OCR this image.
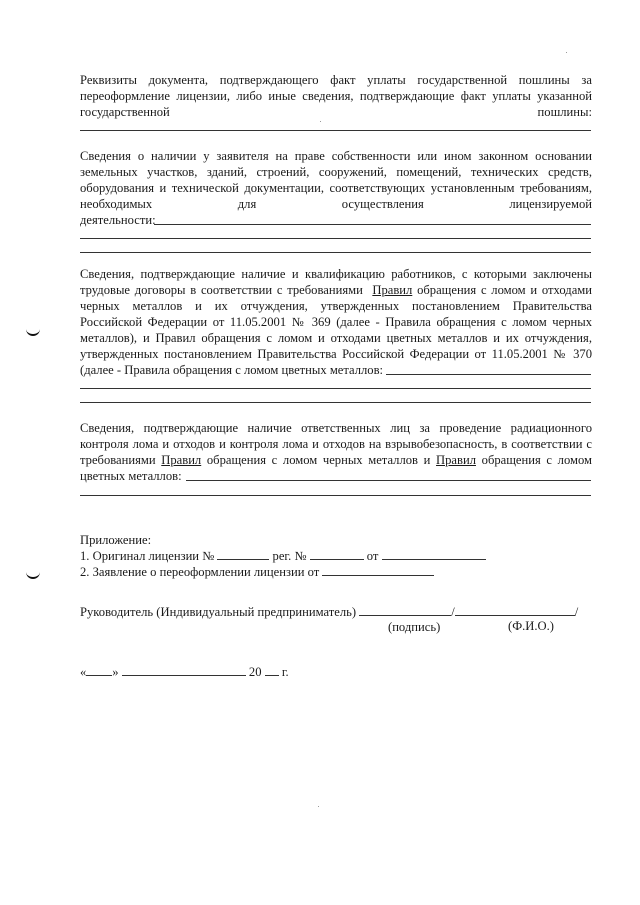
Реквизиты документа, подтверждающего факт уплаты государственной пошлины за
переоформление лицензии, либо иные сведения, подтверждающие факт уплаты указанной
государственной пошлины:
Сведения о наличии у заявителя на праве собственности или ином законном основании
земельных участков, зданий, строений, сооружений, помещений, технических средств,
оборудования и технической документации, соответствующих установленным требованиям,
необходимых для осуществления лицензируемой
деятельности:
Сведения, подтверждающие наличие и квалификацию работников, с которыми заключены
трудовые договоры в соответствии с требованиями Правил обращения с ломом и отходами
черных металлов и их отчуждения, утвержденных постановлением Правительства
Российской Федерации от 11.05.2001 № 369 (далее - Правила обращения с ломом черных
металлов), и Правил обращения с ломом и отходами цветных металлов и их отчуждения,
утвержденных постановлением Правительства Российской Федерации от 11.05.2001 № 370
(далее - Правила обращения с ломом цветных металлов:
Сведения, подтверждающие наличие ответственных лиц за проведение радиационного
контроля лома и отходов и контроля лома и отходов на взрывобезопасность, в соответствии с
требованиями Правил обращения с ломом черных металлов и Правил обращения с ломом
цветных металлов:
Приложение:
1. Оригинал лицензии №	рег. №	от
2. Заявление о переоформлении лицензии от
Руководитель (Индивидуальный предприниматель)	/	/
(подпись)	(Ф.И.О.)
« »	20 г.
